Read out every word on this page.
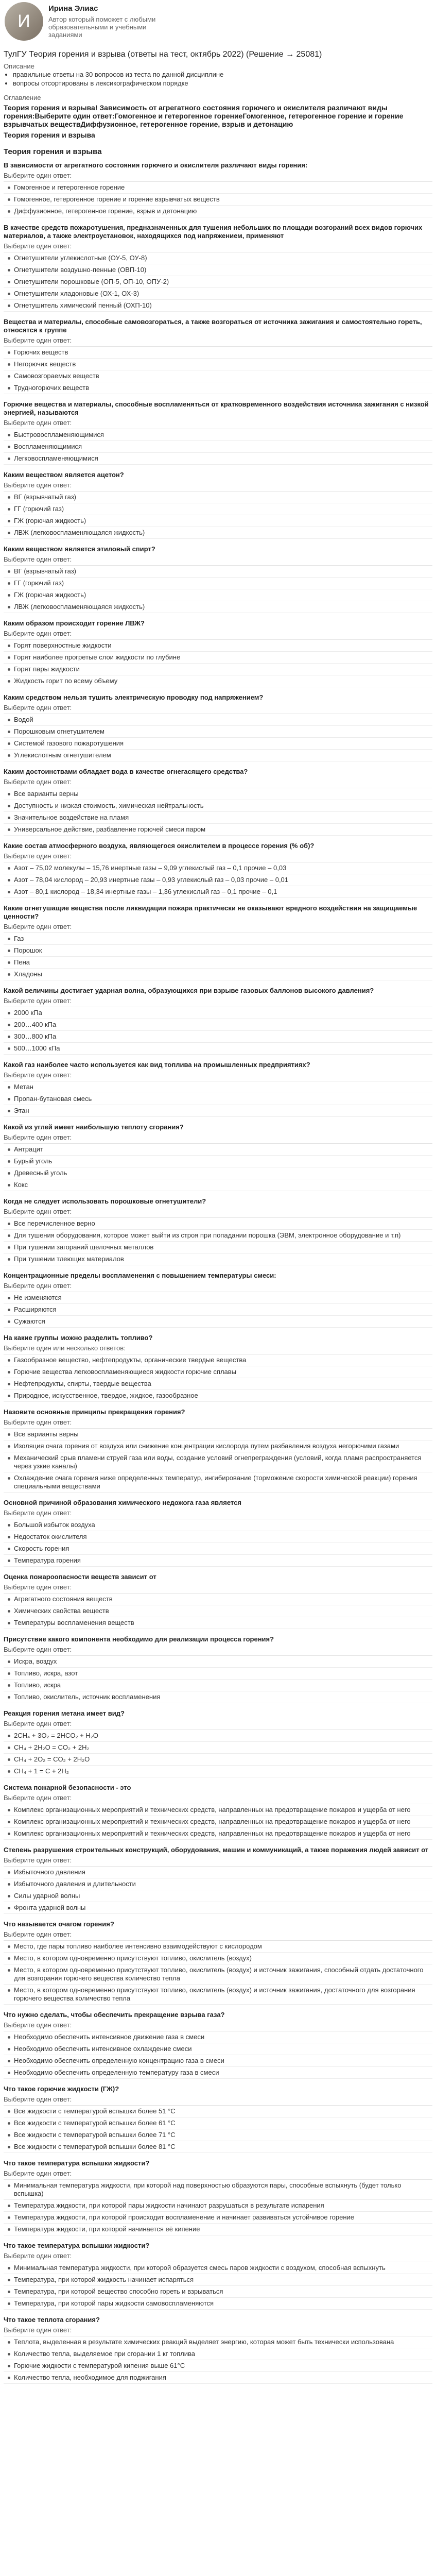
И
Ирина Элиас
Автор который поможет с любыми образовательными и учебными заданиями
ТулГУ Теория горения и взрыва (ответы на тест, октябрь 2022) (Решение → 25081)
Описание
• правильные ответы на 30 вопросов из теста по данной дисциплине
• вопросы отсортированы в лексикографическом порядке
Оглавление
Теория горения и взрыва! Зависимость от агрегатного состояния горючего и окислителя различают виды горения:Выберите один ответ:Гомогенное и гетерогенное горениеГомогенное, гетерогенное горение и горение взрывчатых веществДиффузионное, гетерогенное горение, взрыв и детонацию
Теория горения и взрыва
Теория горения и взрыва
В зависимости от агрегатного состояния горючего и окислителя различают виды горения:
Выберите один ответ:
Гомогенное и гетерогенное горение
Гомогенное, гетерогенное горение и горение взрывчатых веществ
Диффузионное, гетерогенное горение, взрыв и детонацию
В качестве средств пожаротушения, предназначенных для тушения небольших по площади возгораний всех видов горючих материалов, а также электроустановок, находящихся под напряжением, применяют
Выберите один ответ:
Огнетушители углекислотные (ОУ-5, ОУ-8)
Огнетушители воздушно-пенные (ОВП-10)
Огнетушители порошковые (ОП-5, ОП-10, ОПУ-2)
Огнетушители хладоновые (ОХ-1, ОХ-3)
Огнетушитель химический пенный (ОХП-10)
Вещества и материалы, способные самовозгораться, а также возгораться от источника зажигания и самостоятельно гореть, относятся к группе
Выберите один ответ:
Горючих веществ
Негорючих веществ
Самовозгораемых веществ
Трудногорючих веществ
Горючие вещества и материалы, способные воспламеняться от кратковременного воздействия источника зажигания с низкой энергией, называются
Выберите один ответ:
Быстровоспламеняющимися
Воспламеняющимися
Легковоспламеняющимися
Каким веществом является ацетон?
Выберите один ответ:
ВГ (взрывчатый газ)
ГГ (горючий газ)
ГЖ (горючая жидкость)
ЛВЖ (легковоспламеняющаяся жидкость)
Каким веществом является этиловый спирт?
Выберите один ответ:
ВГ (взрывчатый газ)
ГГ (горючий газ)
ГЖ (горючая жидкость)
ЛВЖ (легковоспламеняющаяся жидкость)
Каким образом происходит горение ЛВЖ?
Выберите один ответ:
Горят поверхностные жидкости
Горят наиболее прогретые слои жидкости по глубине
Горят пары жидкости
Жидкость горит по всему объему
Каким средством нельзя тушить электрическую проводку под напряжением?
Выберите один ответ:
Водой
Порошковым огнетушителем
Системой газового пожаротушения
Углекислотным огнетушителем
Каким достоинствами обладает вода в качестве огнегасящего средства?
Выберите один ответ:
Все варианты верны
Доступность и низкая стоимость, химическая нейтральность
Значительное воздействие на пламя
Универсальное действие, разбавление горючей смеси паром
Какие состав атмосферного воздуха, являющегося окислителем в процессе горения (% об)?
Выберите один ответ:
Азот – 75,02 молекулы – 15,76 инертные газы – 9,09 углекислый газ – 0,1 прочие – 0,03
Азот – 78,04 кислород – 20,93 инертные газы – 0,93 углекислый газ – 0,03 прочие – 0,01
Азот – 80,1 кислород – 18,34 инертные газы – 1,36 углекислый газ – 0,1 прочие – 0,1
Какие огнетушащие вещества после ликвидации пожара практически не оказывают вредного воздействия на защищаемые ценности?
Выберите один ответ:
Газ
Порошок
Пена
Хладоны
Какой величины достигает ударная волна, образующихся при взрыве газовых баллонов высокого давления?
Выберите один ответ:
2000 кПа
200…400 кПа
300…800 кПа
500…1000 кПа
Какой газ наиболее часто используется как вид топлива на промышленных предприятиях?
Выберите один ответ:
Метан
Пропан-бутановая смесь
Этан
Какой из углей имеет наибольшую теплоту сгорания?
Выберите один ответ:
Антрацит
Бурый уголь
Древесный уголь
Кокс
Когда не следует использовать порошковые огнетушители?
Выберите один ответ:
Все перечисленное верно
Для тушения оборудования, которое может выйти из строя при попадании порошка (ЭВМ, электронное оборудование и т.п)
При тушении загораний щелочных металлов
При тушении тлеющих материалов
Концентрационные пределы воспламенения с повышением температуры смеси:
Выберите один ответ:
Не изменяются
Расширяются
Сужаются
На какие группы можно разделить топливо?
Выберите один или несколько ответов:
Газообразное вещество, нефтепродукты, органические твердые вещества
Горючие вещества легковоспламеняющиеся жидкости горючие сплавы
Нефтепродукты, спирты, твердые вещества
Природное, искусственное, твердое, жидкое, газообразное
Назовите основные принципы прекращения горения?
Выберите один ответ:
Все варианты верны
Изоляция очага горения от воздуха или снижение концентрации кислорода путем разбавления воздуха негорючими газами
Механический срыв пламени струей газа или воды, создание условий огнепреграждения (условий, когда пламя распространяется через узкие каналы)
Охлаждение очага горения ниже определенных температур, ингибирование (торможение скорости химической реакции) горения специальными веществами
Основной причиной образования химического недожога газа является
Выберите один ответ:
Большой избыток воздуха
Недостаток окислителя
Скорость горения
Температура горения
Оценка пожароопасности веществ зависит от
Выберите один ответ:
Агрегатного состояния веществ
Химических свойства веществ
Температуры воспламенения веществ
Присутствие какого компонента необходимо для реализации процесса горения?
Выберите один ответ:
Искра, воздух
Топливо, искра, азот
Топливо, искра
Топливо, окислитель, источник воспламенения
Реакция горения метана имеет вид?
Выберите один ответ:
2CH₄ + 3O₂ = 2HCO₂ + H₂O
CH₄ + 2H₂O = CO₂ + 2H₂
CH₄ + 2O₂ = CO₂ + 2H₂O
CH₄ + 1 = C + 2H₂
Система пожарной безопасности - это
Выберите один ответ:
Комплекс организационных мероприятий и технических средств, направленных на предотвращение пожаров и ущерба от него
Комплекс организационных мероприятий и технических средств, направленных на предотвращение пожаров и ущерба от него
Комплекс организационных мероприятий и технических средств, направленных на предотвращение пожаров и ущерба от него
Степень разрушения строительных конструкций, оборудования, машин и коммуникаций, а также поражения людей зависит от
Выберите один ответ:
Избыточного давления
Избыточного давления и длительности
Силы ударной волны
Фронта ударной волны
Что называется очагом горения?
Выберите один ответ:
Место, где пары топливо наиболее интенсивно взаимодействуют с кислородом
Место, в котором одновременно присутствуют топливо, окислитель (воздух)
Место, в котором одновременно присутствуют топливо, окислитель (воздух) и источник зажигания, способный отдать достаточного для возгорания горючего вещества количество тепла
Место, в котором одновременно присутствуют топливо, окислитель (воздух) и источник зажигания, достаточного для возгорания горючего вещества количество тепла
Что нужно сделать, чтобы обеспечить прекращение взрыва газа?
Выберите один ответ:
Необходимо обеспечить интенсивное движение газа в смеси
Необходимо обеспечить интенсивное охлаждение смеси
Необходимо обеспечить определенную концентрацию газа в смеси
Необходимо обеспечить определенную температуру газа в смеси
Что такое горючие жидкости (ГЖ)?
Выберите один ответ:
Все жидкости с температурой вспышки более 51 °С
Все жидкости с температурой вспышки более 61 °С
Все жидкости с температурой вспышки более 71 °С
Все жидкости с температурой вспышки более 81 °С
Что такое температура вспышки жидкости?
Выберите один ответ:
Минимальная температура жидкости, при которой над поверхностью образуются пары, способные вспыхнуть (будет только вспышка)
Температура жидкости, при которой пары жидкости начинают разрушаться в результате испарения
Температура жидкости, при которой происходит воспламенение и начинает развиваться устойчивое горение
Температура жидкости, при которой начинается её кипение
Что такое температура вспышки жидкости?
Выберите один ответ:
Минимальная температура жидкости, при которой образуется смесь паров жидкости с воздухом, способная вспыхнуть
Температура, при которой жидкость начинает испаряться
Температура, при которой вещество способно гореть и взрываться
Температура, при которой пары жидкости самовоспламеняются
Что такое теплота сгорания?
Выберите один ответ:
Теплота, выделенная в результате химических реакций выделяет энергию, которая может быть технически использована
Количество тепла, выделяемое при сгорании 1 кг топлива
Горючие жидкости с температурой кипения выше 61°С
Количество тепла, необходимое для поджигания
